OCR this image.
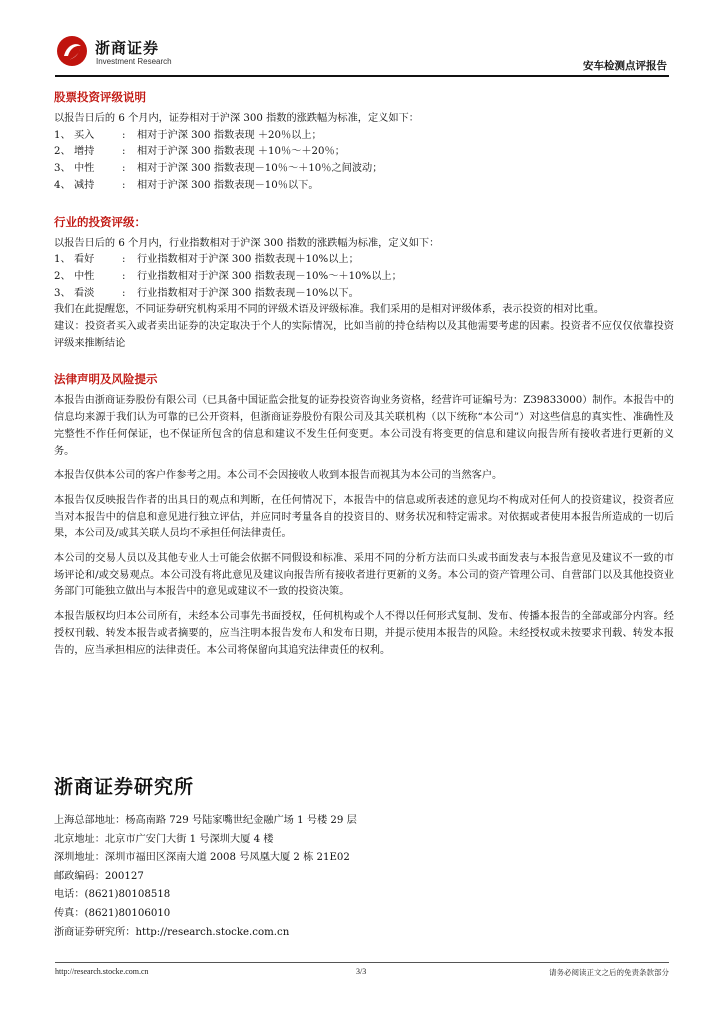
浙商证券
Investment Research	安车检测点评报告
股票投资评级说明
以报告日后的 6 个月内，证券相对于沪深 300 指数的涨跌幅为标准，定义如下：
1、 买入	:	相对于沪深 300 指数表现 ＋20％以上；
2、 增持	:	相对于沪深 300 指数表现 ＋10％～＋20％；
3、 中性	:	相对于沪深 300 指数表现－10％～＋10％之间波动；
4、 减持	:	相对于沪深 300 指数表现－10％以下。
行业的投资评级：
以报告日后的 6 个月内，行业指数相对于沪深 300 指数的涨跌幅为标准，定义如下：
1、 看好	:	行业指数相对于沪深 300 指数表现＋10%以上；
2、 中性	:	行业指数相对于沪深 300 指数表现－10%～＋10%以上；
3、 看淡	:	行业指数相对于沪深 300 指数表现－10%以下。

我们在此提醒您，不同证券研究机构采用不同的评级术语及评级标准。我们采用的是相对评级体系，表示投资的相对比重。

建议：投资者买入或者卖出证券的决定取决于个人的实际情况，比如当前的持仓结构以及其他需要考虑的因素。投资者不应仅仅依靠投资评级来推断结论

法律声明及风险提示

本报告由浙商证券股份有限公司（已具备中国证监会批复的证券投资咨询业务资格，经营许可证编号为：Z39833000）制作。本报告中的信息均来源于我们认为可靠的已公开资料，但浙商证券股份有限公司及其关联机构（以下统称“本公司”）对这些信息的真实性、准确性及完整性不作任何保证，也不保证所包含的信息和建议不发生任何变更。本公司没有将变更的信息和建议向报告所有接收者进行更新的义务。

本报告仅供本公司的客户作参考之用。本公司不会因接收人收到本报告而视其为本公司的当然客户。

本报告仅反映报告作者的出具日的观点和判断，在任何情况下，本报告中的信息或所表述的意见均不构成对任何人的投资建议，投资者应当对本报告中的信息和意见进行独立评估，并应同时考量各自的投资目的、财务状况和特定需求。对依据或者使用本报告所造成的一切后果，本公司及/或其关联人员均不承担任何法律责任。

本公司的交易人员以及其他专业人士可能会依据不同假设和标准、采用不同的分析方法而口头或书面发表与本报告意见及建议不一致的市场评论和/或交易观点。本公司没有将此意见及建议向报告所有接收者进行更新的义务。本公司的资产管理公司、自营部门以及其他投资业务部门可能独立做出与本报告中的意见或建议不一致的投资决策。

本报告版权均归本公司所有，未经本公司事先书面授权，任何机构或个人不得以任何形式复制、发布、传播本报告的全部或部分内容。经授权刊载、转发本报告或者摘要的，应当注明本报告发布人和发布日期，并提示使用本报告的风险。未经授权或未按要求刊载、转发本报告的，应当承担相应的法律责任。本公司将保留向其追究法律责任的权利。

浙商证券研究所
上海总部地址：杨高南路 729 号陆家嘴世纪金融广场 1 号楼 29 层
北京地址：北京市广安门大街 1 号深圳大厦 4 楼
深圳地址：深圳市福田区深南大道 2008 号凤凰大厦 2 栋 21E02
邮政编码：200127
电话：(8621)80108518
传真：(8621)80106010
浙商证券研究所：http://research.stocke.com.cn
http://research.stocke.com.cn	3/3	请务必阅读正文之后的免责条款部分
